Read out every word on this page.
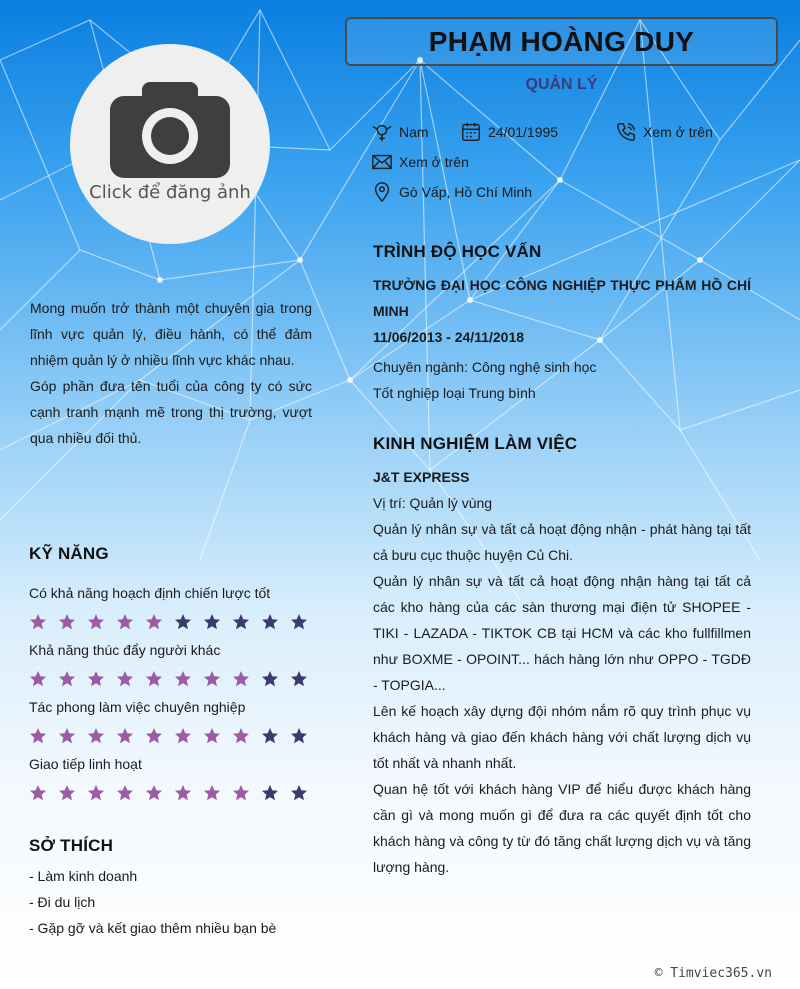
Click để đăng ảnh
PHẠM HOÀNG DUY
QUẢN LÝ
Nam	24/01/1995	Xem ở trên
Xem ở trên
Gò Vấp, Hồ Chí Minh

Mong muốn trở thành một chuyên gia trong lĩnh vực quản lý, điều hành, có thể đảm nhiệm quản lý ở nhiều lĩnh vực khác nhau.

Góp phần đưa tên tuổi của công ty có sức cạnh tranh mạnh mẽ trong thị trường, vượt qua nhiều đối thủ.

KỸ NĂNG
Có khả năng hoạch định chiến lược tốt
Khả năng thúc đẩy người khác
Tác phong làm việc chuyên nghiệp
Giao tiếp linh hoạt
SỞ THÍCH

- Làm kinh doanh

- Đi du lịch

- Gặp gỡ và kết giao thêm nhiều bạn bè

TRÌNH ĐỘ HỌC VẤN

TRƯỜNG ĐẠI HỌC CÔNG NGHIỆP THỰC PHẨM HỒ CHÍ MINH

11/06/2013 - 24/11/2018

Chuyên ngành: Công nghệ sinh học

Tốt nghiệp loại Trung bình

KINH NGHIỆM LÀM VIỆC

J&T EXPRESS

Vị trí: Quản lý vùng

Quản lý nhân sự và tất cả hoạt động nhận - phát hàng tại tất cả bưu cục thuộc huyện Củ Chi.

Quản lý nhân sự và tất cả hoạt động nhận hàng tại tất cả các kho hàng của các sàn thương mại điện tử SHOPEE - TIKI - LAZADA - TIKTOK CB tại HCM và các kho fullfillmen như BOXME - OPOINT... hách hàng lớn như OPPO - TGDĐ - TOPGIA...

Lên kế hoạch xây dựng đội nhóm nắm rõ quy trình phục vụ khách hàng và giao đến khách hàng với chất lượng dịch vụ tốt nhất và nhanh nhất.

Quan hệ tốt với khách hàng VIP để hiểu được khách hàng cần gì và mong muốn gì để đưa ra các quyết định tốt cho khách hàng và công ty từ đó tăng chất lượng dịch vụ và tăng lượng hàng.

© Timviec365.vn
